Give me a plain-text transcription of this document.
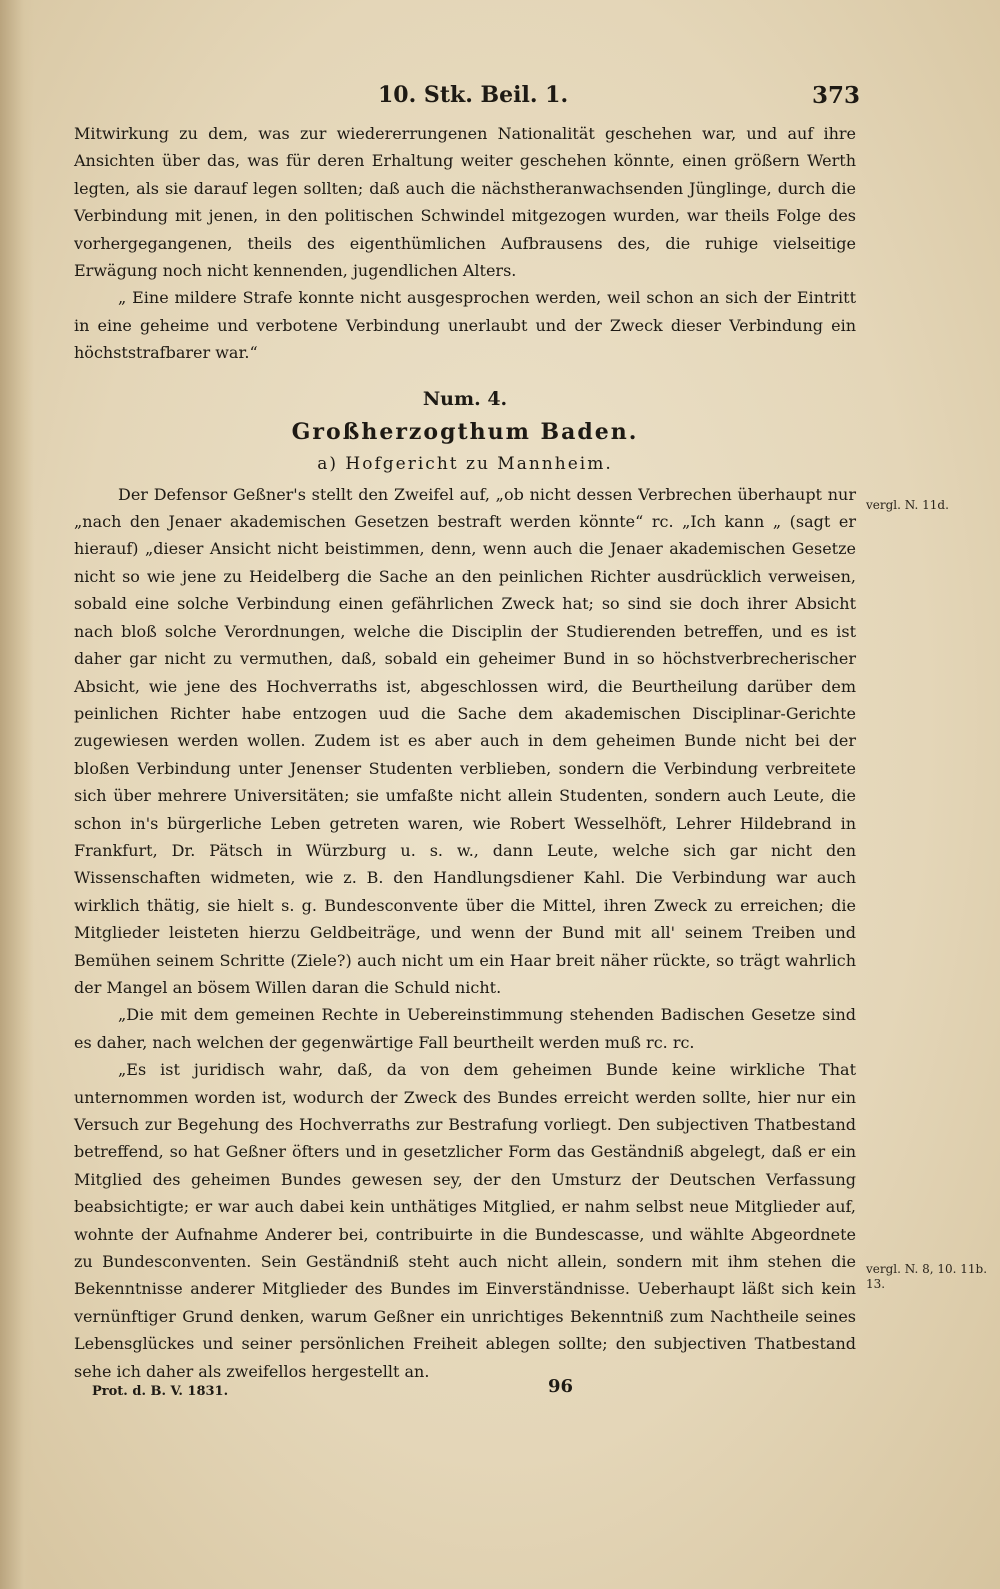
10. Stk. Beil. 1.	373

Mitwirkung zu dem, was zur wiedererrungenen Nationalität geschehen war, und auf ihre Ansichten über das, was für deren Erhaltung weiter geschehen könnte, einen größern Werth legten, als sie darauf legen sollten; daß auch die nächstheranwachsenden Jünglinge, durch die Verbindung mit jenen, in den politischen Schwindel mitgezogen wurden, war theils Folge des vorhergegangenen, theils des eigenthümlichen Aufbrausens des, die ruhige vielseitige Erwägung noch nicht kennenden, jugendlichen Alters.

„ Eine mildere Strafe konnte nicht ausgesprochen werden, weil schon an sich der Eintritt in eine geheime und verbotene Verbindung unerlaubt und der Zweck dieser Verbindung ein höchststrafbarer war.“

Num. 4.
Großherzogthum Baden.
a) Hofgericht zu Mannheim.

Der Defensor Geßner's stellt den Zweifel auf, „ob nicht dessen Verbrechen überhaupt nur „nach den Jenaer akademischen Gesetzen bestraft werden könnte“ rc. „Ich kann „ (sagt er hierauf) „dieser Ansicht nicht beistimmen, denn, wenn auch die Jenaer akademischen Gesetze nicht so wie jene zu Heidelberg die Sache an den peinlichen Richter ausdrücklich verweisen, sobald eine solche Verbindung einen gefährlichen Zweck hat; so sind sie doch ihrer Absicht nach bloß solche Verordnungen, welche die Disciplin der Studierenden betreffen, und es ist daher gar nicht zu vermuthen, daß, sobald ein geheimer Bund in so höchstverbrecherischer Absicht, wie jene des Hochverraths ist, abgeschlossen wird, die Beurtheilung darüber dem peinlichen Richter habe entzogen uud die Sache dem akademischen Disciplinar-Gerichte zugewiesen werden wollen. Zudem ist es aber auch in dem geheimen Bunde nicht bei der bloßen Verbindung unter Jenenser Studenten verblieben, sondern die Verbindung verbreitete sich über mehrere Universitäten; sie umfaßte nicht allein Studenten, sondern auch Leute, die schon in's bürgerliche Leben getreten waren, wie Robert Wesselhöft, Lehrer Hildebrand in Frankfurt, Dr. Pätsch in Würzburg u. s. w., dann Leute, welche sich gar nicht den Wissenschaften widmeten, wie z. B. den Handlungsdiener Kahl. Die Verbindung war auch wirklich thätig, sie hielt s. g. Bundesconvente über die Mittel, ihren Zweck zu erreichen; die Mitglieder leisteten hierzu Geldbeiträge, und wenn der Bund mit all' seinem Treiben und Bemühen seinem Schritte (Ziele?) auch nicht um ein Haar breit näher rückte, so trägt wahrlich der Mangel an bösem Willen daran die Schuld nicht.

„Die mit dem gemeinen Rechte in Uebereinstimmung stehenden Badischen Gesetze sind es daher, nach welchen der gegenwärtige Fall beurtheilt werden muß rc. rc.

„Es ist juridisch wahr, daß, da von dem geheimen Bunde keine wirkliche That unternommen worden ist, wodurch der Zweck des Bundes erreicht werden sollte, hier nur ein Versuch zur Begehung des Hochverraths zur Bestrafung vorliegt. Den subjectiven Thatbestand betreffend, so hat Geßner öfters und in gesetzlicher Form das Geständniß abgelegt, daß er ein Mitglied des geheimen Bundes gewesen sey, der den Umsturz der Deutschen Verfassung beabsichtigte; er war auch dabei kein unthätiges Mitglied, er nahm selbst neue Mitglieder auf, wohnte der Aufnahme Anderer bei, contribuirte in die Bundescasse, und wählte Abgeordnete zu Bundesconventen. Sein Geständniß steht auch nicht allein, sondern mit ihm stehen die Bekenntnisse anderer Mitglieder des Bundes im Einverständnisse. Ueberhaupt läßt sich kein vernünftiger Grund denken, warum Geßner ein unrichtiges Bekenntniß zum Nachtheile seines Lebensglückes und seiner persönlichen Freiheit ablegen sollte; den subjectiven Thatbestand sehe ich daher als zweifellos hergestellt an.

vergl. N. 11d.
vergl. N. 8, 10. 11b. 13.
Prot. d. B. V. 1831.	96
